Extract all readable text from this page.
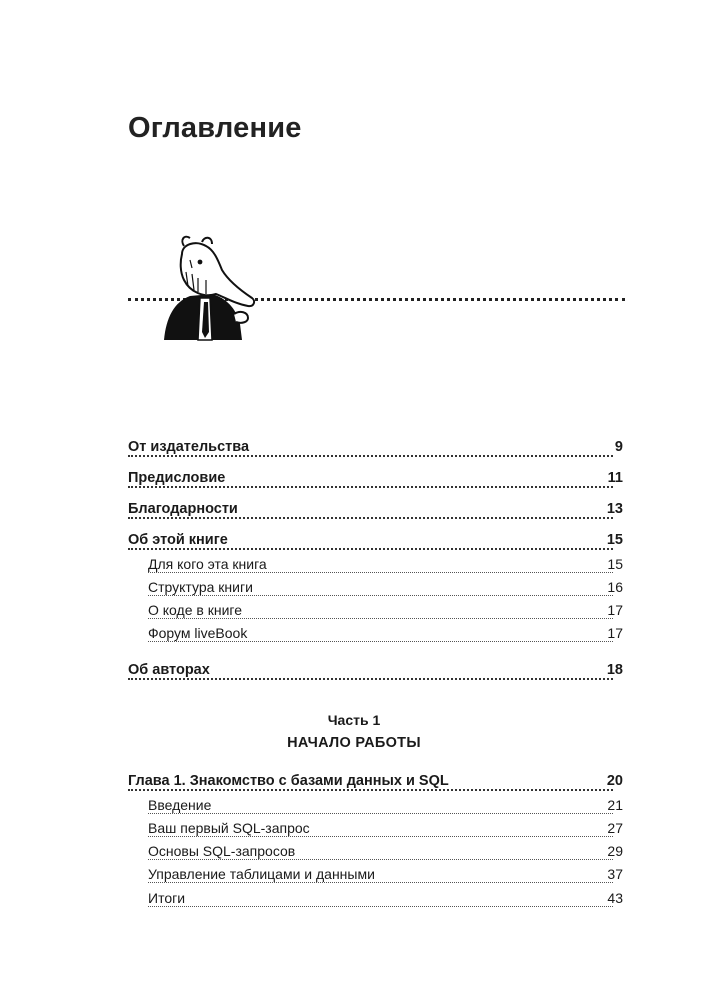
Оглавление
От издательства	9
Предисловие	11
Благодарности	13
Об этой книге	15
Для кого эта книга	15
Структура книги	16
О коде в книге	17
Форум liveBook	17
Об авторах	18
Часть 1
НАЧАЛО РАБОТЫ
Глава 1. Знакомство с базами данных и SQL	20
Введение	21
Ваш первый SQL-запрос	27
Основы SQL-запросов	29
Управление таблицами и данными	37
Итоги	43
